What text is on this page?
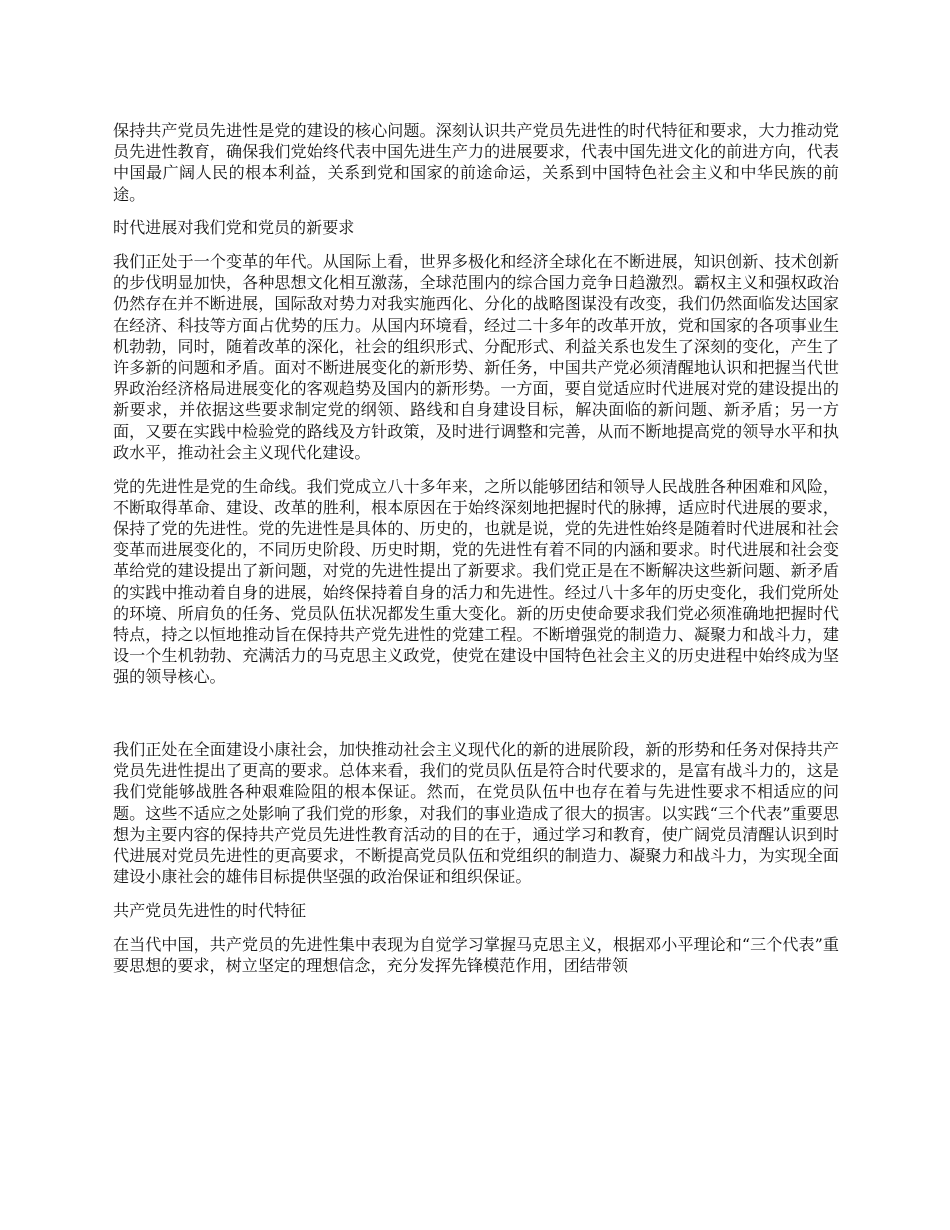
保持共产党员先进性是党的建设的核心问题。深刻认识共产党员先进性的时代特征和要求，大力推动党员先进性教育，确保我们党始终代表中国先进生产力的进展要求，代表中国先进文化的前进方向，代表中国最广阔人民的根本利益，关系到党和国家的前途命运，关系到中国特色社会主义和中华民族的前途。

时代进展对我们党和党员的新要求

我们正处于一个变革的年代。从国际上看，世界多极化和经济全球化在不断进展，知识创新、技术创新的步伐明显加快，各种思想文化相互激荡，全球范围内的综合国力竞争日趋激烈。霸权主义和强权政治仍然存在并不断进展，国际敌对势力对我实施西化、分化的战略图谋没有改变，我们仍然面临发达国家在经济、科技等方面占优势的压力。从国内环境看，经过二十多年的改革开放，党和国家的各项事业生机勃勃，同时，随着改革的深化，社会的组织形式、分配形式、利益关系也发生了深刻的变化，产生了许多新的问题和矛盾。面对不断进展变化的新形势、新任务，中国共产党必须清醒地认识和把握当代世界政治经济格局进展变化的客观趋势及国内的新形势。一方面，要自觉适应时代进展对党的建设提出的新要求，并依据这些要求制定党的纲领、路线和自身建设目标，解决面临的新问题、新矛盾；另一方面，又要在实践中检验党的路线及方针政策，及时进行调整和完善，从而不断地提高党的领导水平和执政水平，推动社会主义现代化建设。

党的先进性是党的生命线。我们党成立八十多年来，之所以能够团结和领导人民战胜各种困难和风险，不断取得革命、建设、改革的胜利，根本原因在于始终深刻地把握时代的脉搏，适应时代进展的要求，保持了党的先进性。党的先进性是具体的、历史的，也就是说，党的先进性始终是随着时代进展和社会变革而进展变化的，不同历史阶段、历史时期，党的先进性有着不同的内涵和要求。时代进展和社会变革给党的建设提出了新问题，对党的先进性提出了新要求。我们党正是在不断解决这些新问题、新矛盾的实践中推动着自身的进展，始终保持着自身的活力和先进性。经过八十多年的历史变化，我们党所处的环境、所肩负的任务、党员队伍状况都发生重大变化。新的历史使命要求我们党必须准确地把握时代特点，持之以恒地推动旨在保持共产党先进性的党建工程。不断增强党的制造力、凝聚力和战斗力，建设一个生机勃勃、充满活力的马克思主义政党，使党在建设中国特色社会主义的历史进程中始终成为坚强的领导核心。

我们正处在全面建设小康社会，加快推动社会主义现代化的新的进展阶段，新的形势和任务对保持共产党员先进性提出了更高的要求。总体来看，我们的党员队伍是符合时代要求的，是富有战斗力的，这是我们党能够战胜各种艰难险阻的根本保证。然而，在党员队伍中也存在着与先进性要求不相适应的问题。这些不适应之处影响了我们党的形象，对我们的事业造成了很大的损害。以实践“三个代表”重要思想为主要内容的保持共产党员先进性教育活动的目的在于，通过学习和教育，使广阔党员清醒认识到时代进展对党员先进性的更高要求，不断提高党员队伍和党组织的制造力、凝聚力和战斗力，为实现全面建设小康社会的雄伟目标提供坚强的政治保证和组织保证。

共产党员先进性的时代特征

在当代中国，共产党员的先进性集中表现为自觉学习掌握马克思主义，根据邓小平理论和“三个代表”重要思想的要求，树立坚定的理想信念，充分发挥先锋模范作用，团结带领
